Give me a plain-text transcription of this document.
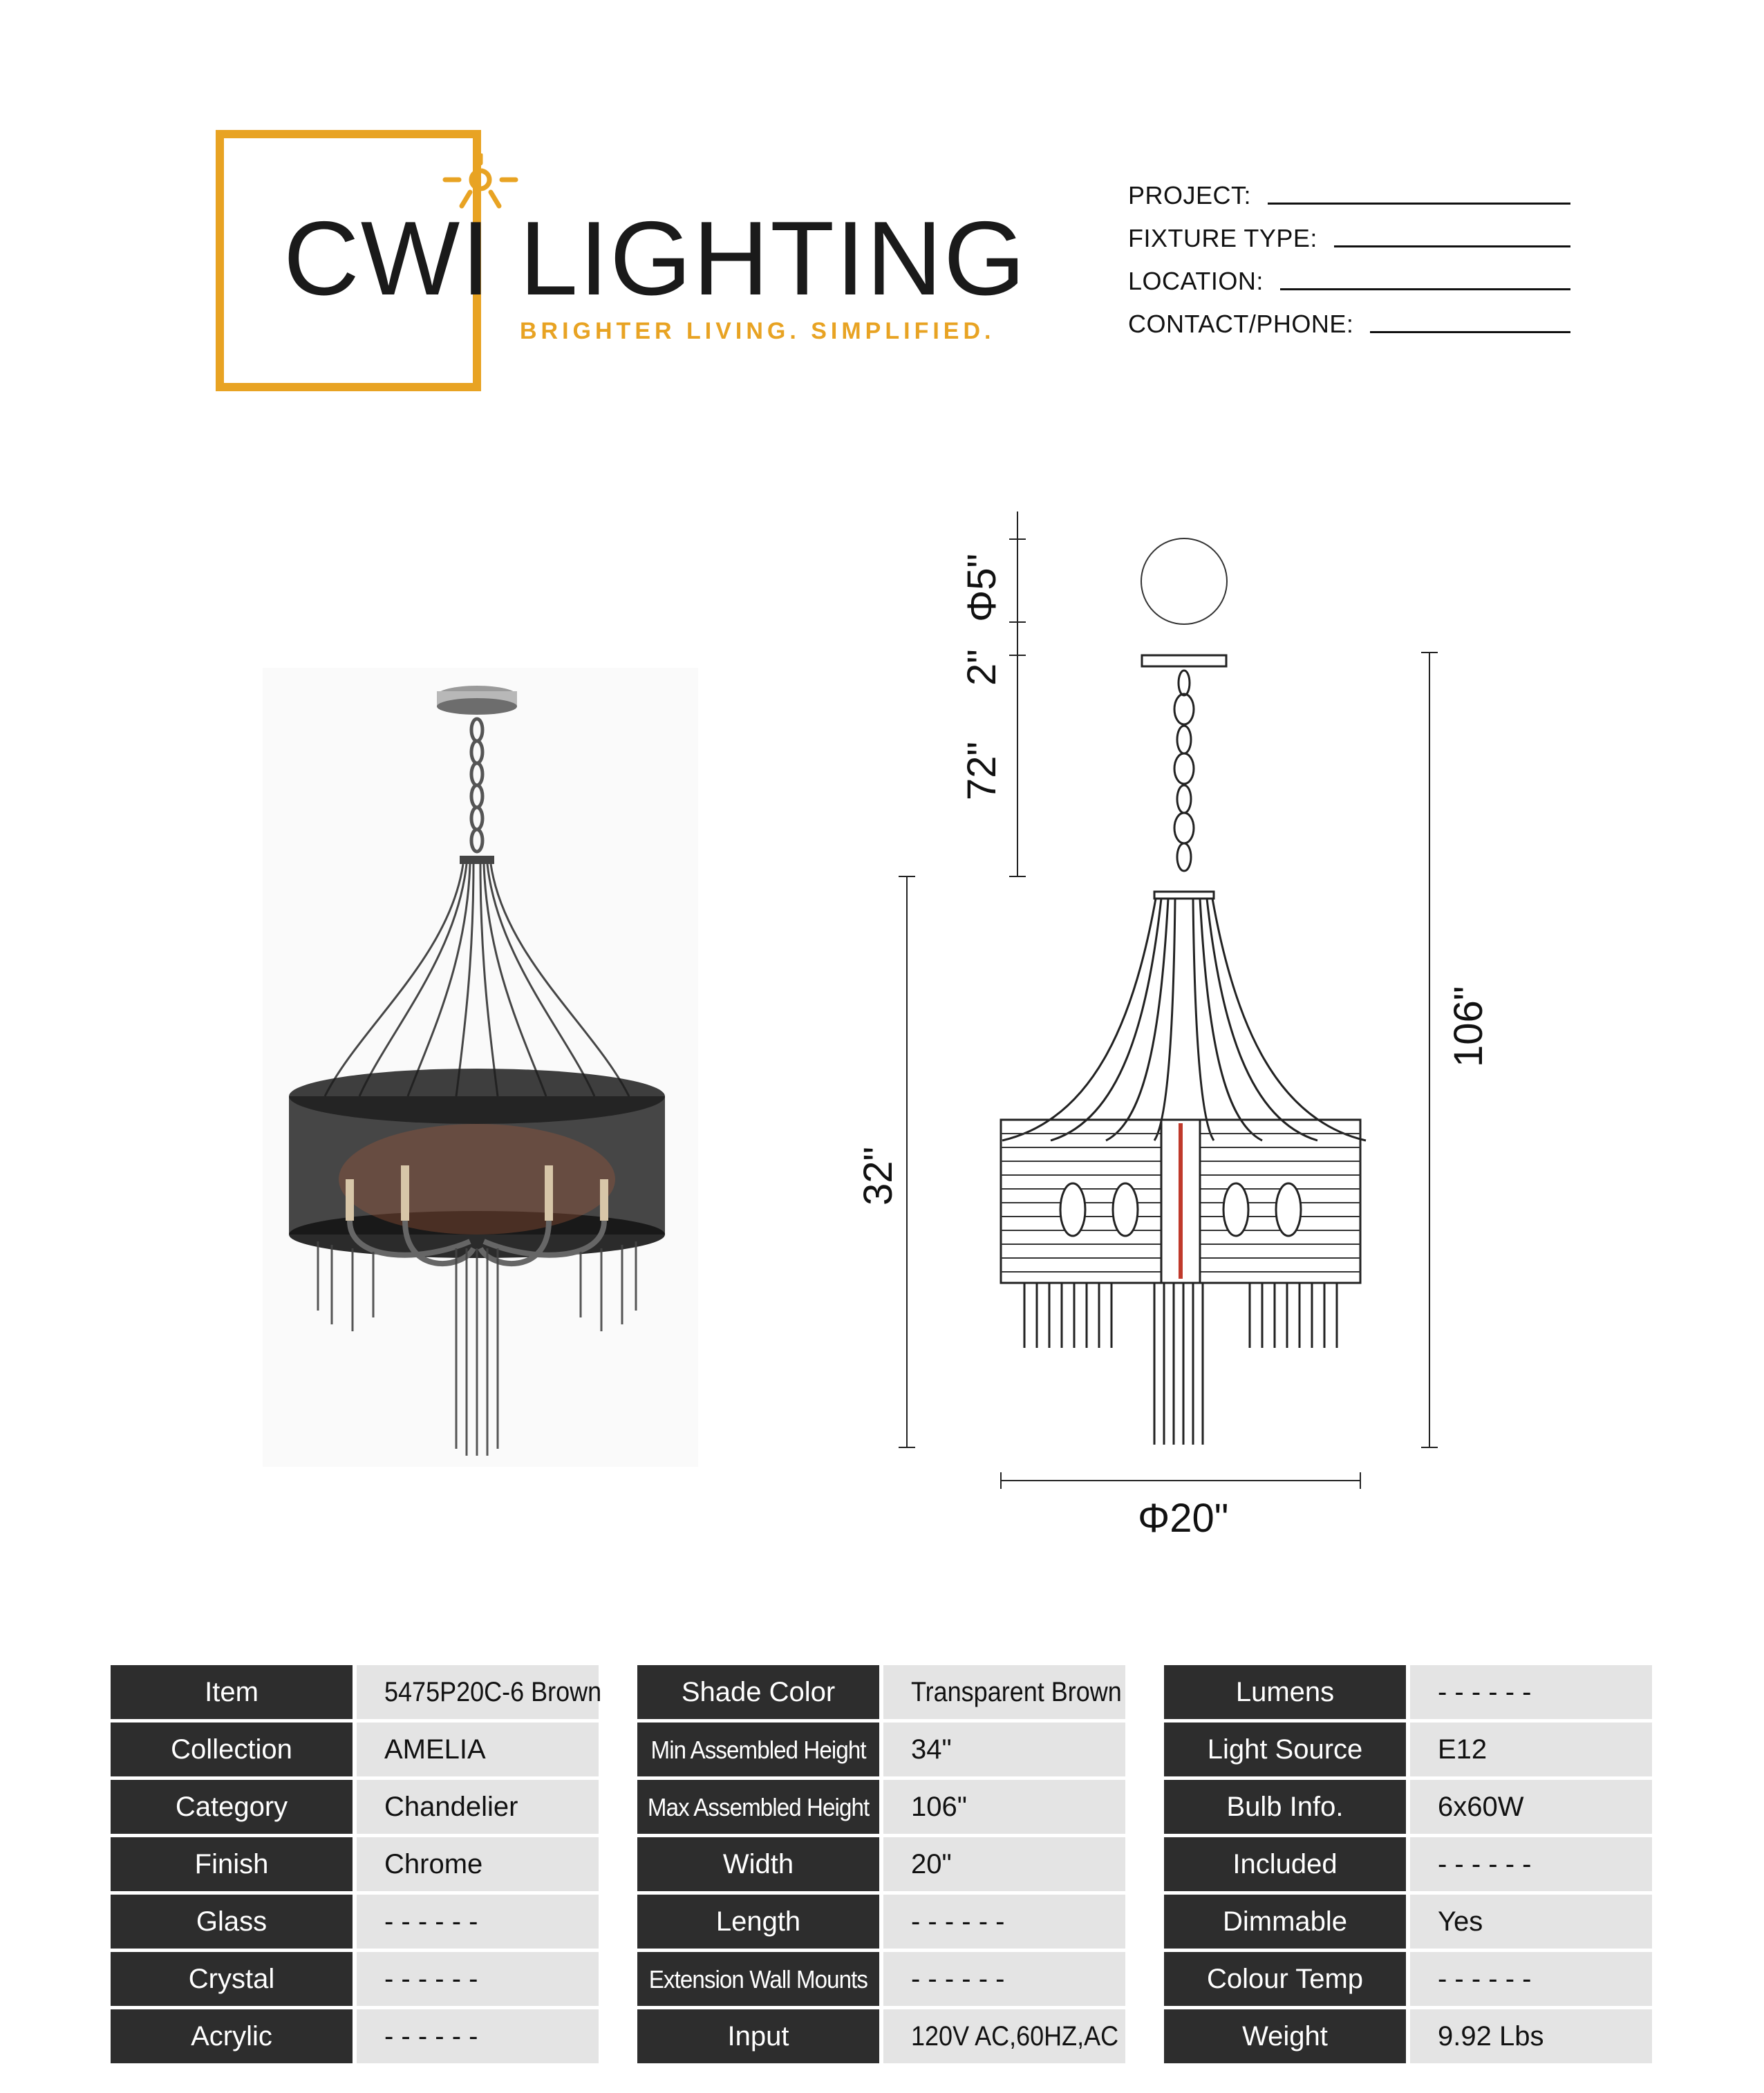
CWI LIGHTING
BRIGHTER LIVING. SIMPLIFIED.
PROJECT:
FIXTURE TYPE:
LOCATION:
CONTACT/PHONE:
Φ5"
2"
72"
32"
106"
Φ20"
Item	5475P20C-6 Brown
Collection	AMELIA
Category	Chandelier
Finish	Chrome
Glass	- - - - - -
Crystal	- - - - - -
Acrylic	- - - - - -
Shade Color	Transparent Brown
Min Assembled Height	34"
Max Assembled Height	106"
Width	20"
Length	- - - - - -
Extension Wall Mounts	- - - - - -
Input	120V AC,60HZ,AC
Lumens	- - - - - -
Light Source	E12
Bulb Info.	6x60W
Included	- - - - - -
Dimmable	Yes
Colour Temp	- - - - - -
Weight	9.92 Lbs
